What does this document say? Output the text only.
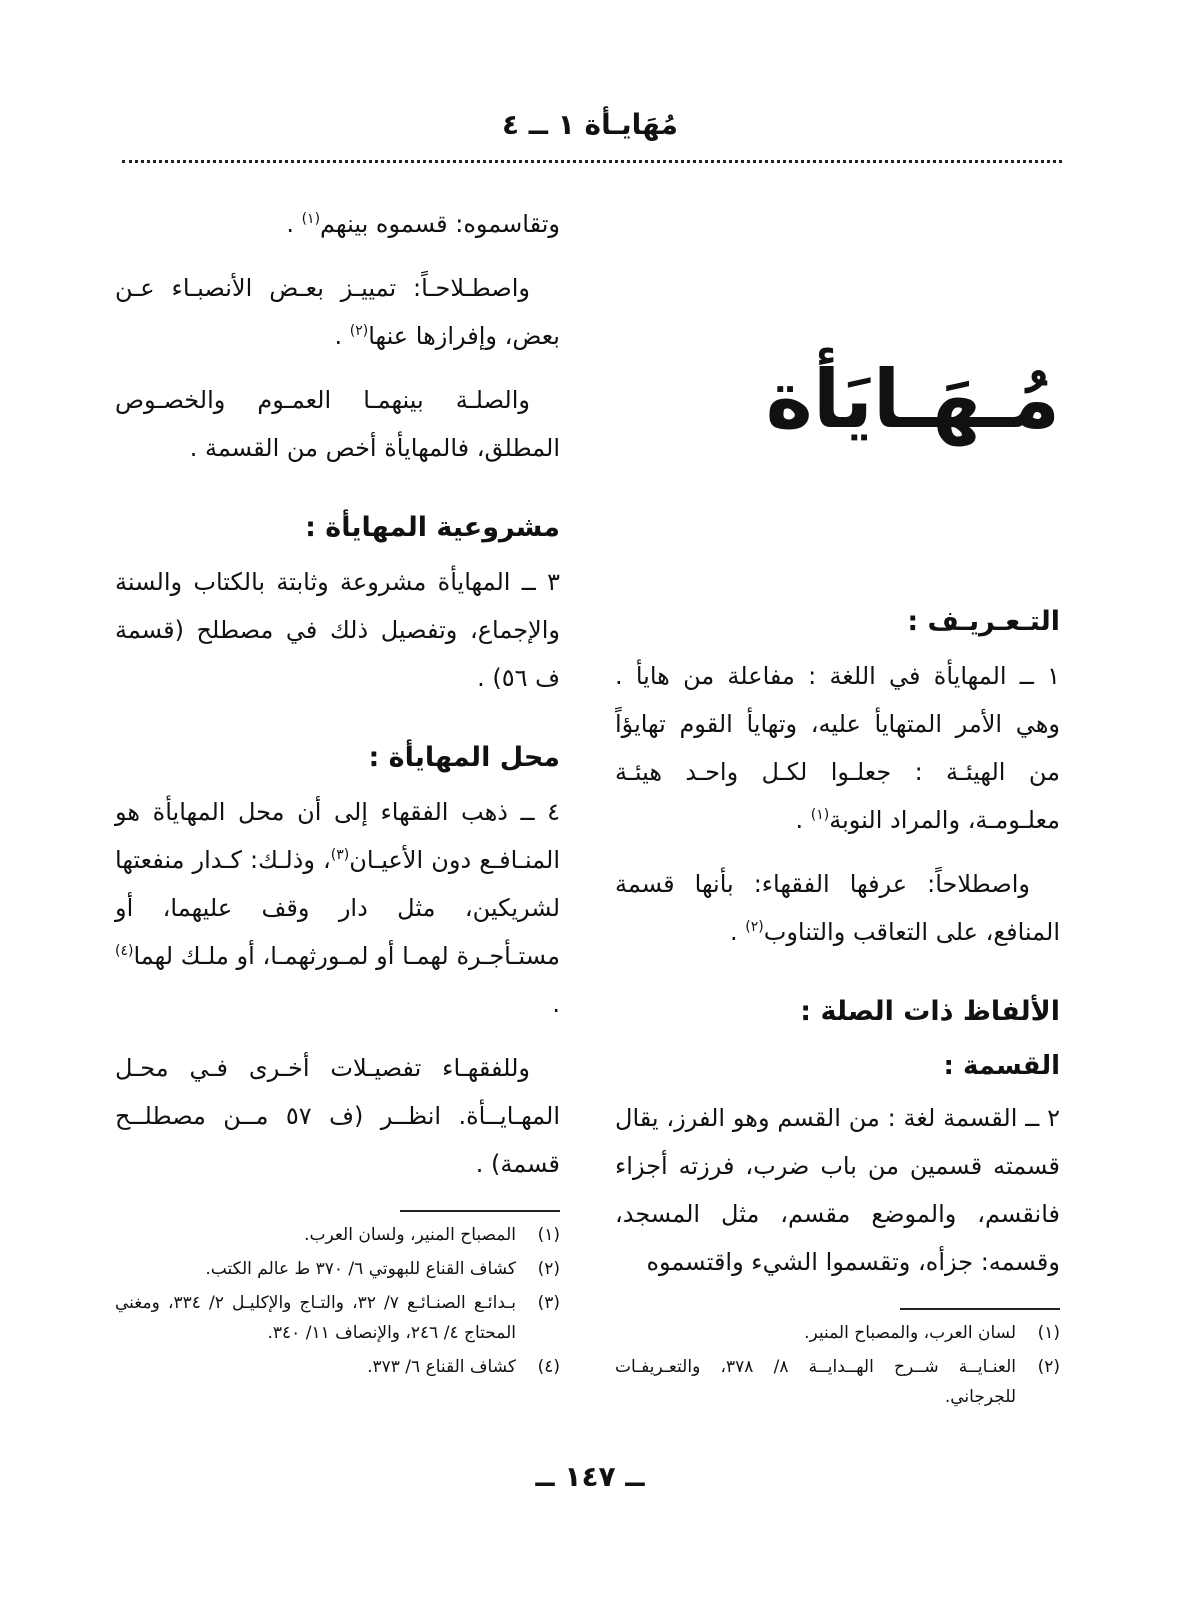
مُهَايـأة ١ ــ ٤
مُـهَـايَأة
التـعـريـف :

١ ــ المهايأة في اللغة : مفاعلة من هايأ . وهي الأمر المتهايأ عليه، وتهايأ القوم تهايؤاً من الهيئـة : جعلـوا لكـل واحـد هيئـة معلـومـة، والمراد النوبة$^{(١)}$ .

واصطلاحاً: عرفها الفقهاء: بأنها قسمة المنافع، على التعاقب والتناوب$^{(٢)}$ .

الألفاظ ذات الصلة :
القسمة :

٢ ــ القسمة لغة : من القسم وهو الفرز، يقال قسمته قسمين من باب ضرب، فرزته أجزاء فانقسم، والموضع مقسم، مثل المسجد، وقسمه: جزأه، وتقسموا الشيء واقتسموه

(١)
لسان العرب، والمصباح المنير.
(٢)
العنـايــة شــرح الهــدايــة ٨/ ٣٧٨، والتعـريفـات للجرجاني.

وتقاسموه: قسموه بينهم$^{(١)}$ .

واصطـلاحـاً: تمييـز بعـض الأنصبـاء عـن بعض، وإفرازها عنها$^{(٢)}$ .

والصلـة بينهمـا العمـوم والخصـوص المطلق، فالمهايأة أخص من القسمة .

مشروعية المهايأة :

٣ ــ المهايأة مشروعة وثابتة بالكتاب والسنة والإجماع، وتفصيل ذلك في مصطلح (قسمة ف ٥٦) .

محل المهايأة :

٤ ــ ذهب الفقهاء إلى أن محل المهايأة هو المنـافـع دون الأعيـان$^{(٣)}$، وذلـك: كـدار منفعتها لشريكين، مثل دار وقف عليهما، أو مستـأجـرة لهمـا أو لمـورثهمـا، أو ملـك لهما$^{(٤)}$ .

وللفقهـاء تفصيـلات أخـرى فـي محـل المهـايــأة. انظــر (ف ٥٧ مــن مصطلــح قسمة) .

(١)
المصباح المنير، ولسان العرب.
(٢)
كشاف القناع للبهوتي ٦/ ٣٧٠ ط عالم الكتب.
(٣)
بـدائـع الصنـائـع ٧/ ٣٢، والتـاج والإكليـل ٢/ ٣٣٤، ومغني المحتاج ٤/ ٢٤٦، والإنصاف ١١/ ٣٤٠.
(٤)
كشاف القناع ٦/ ٣٧٣.
ــ ١٤٧ ــ
